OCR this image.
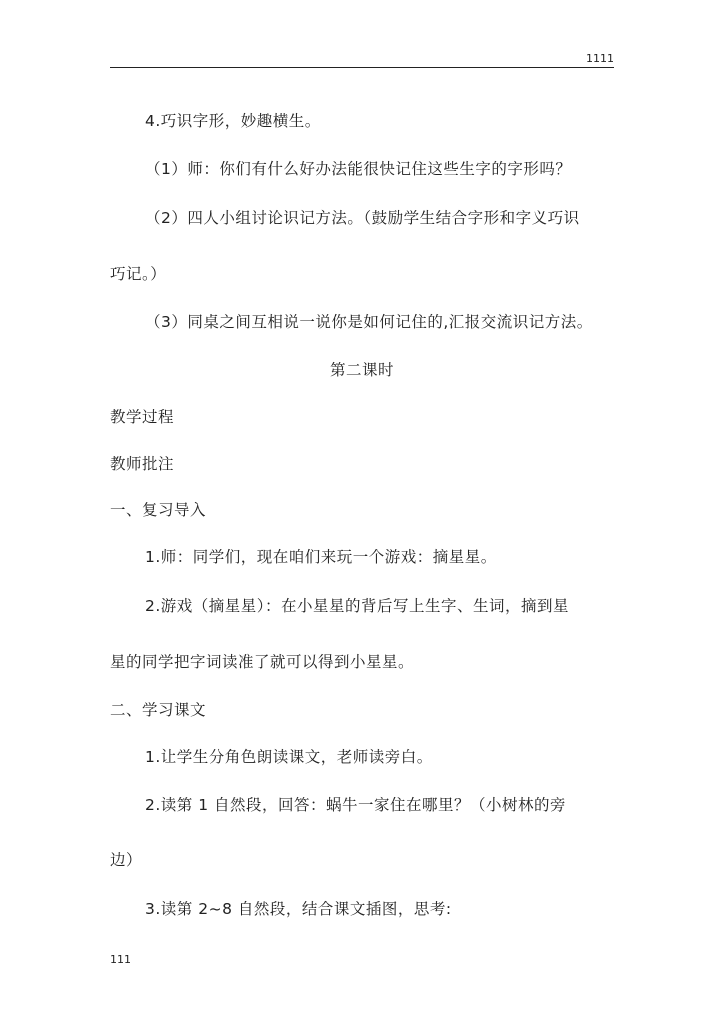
1111
4.巧识字形，妙趣横生。
（1）师：你们有什么好办法能很快记住这些生字的字形吗？
（2）四人小组讨论识记方法。（鼓励学生结合字形和字义巧识
巧记。）
（3）同桌之间互相说一说你是如何记住的,汇报交流识记方法。
第二课时
教学过程
教师批注
一、复习导入
1.师：同学们，现在咱们来玩一个游戏：摘星星。
2.游戏（摘星星）：在小星星的背后写上生字、生词，摘到星
星的同学把字词读准了就可以得到小星星。
二、学习课文
1.让学生分角色朗读课文，老师读旁白。
2.读第 1 自然段，回答：蜗牛一家住在哪里？（小树林的旁
边）
3.读第 2~8 自然段，结合课文插图，思考:
111
